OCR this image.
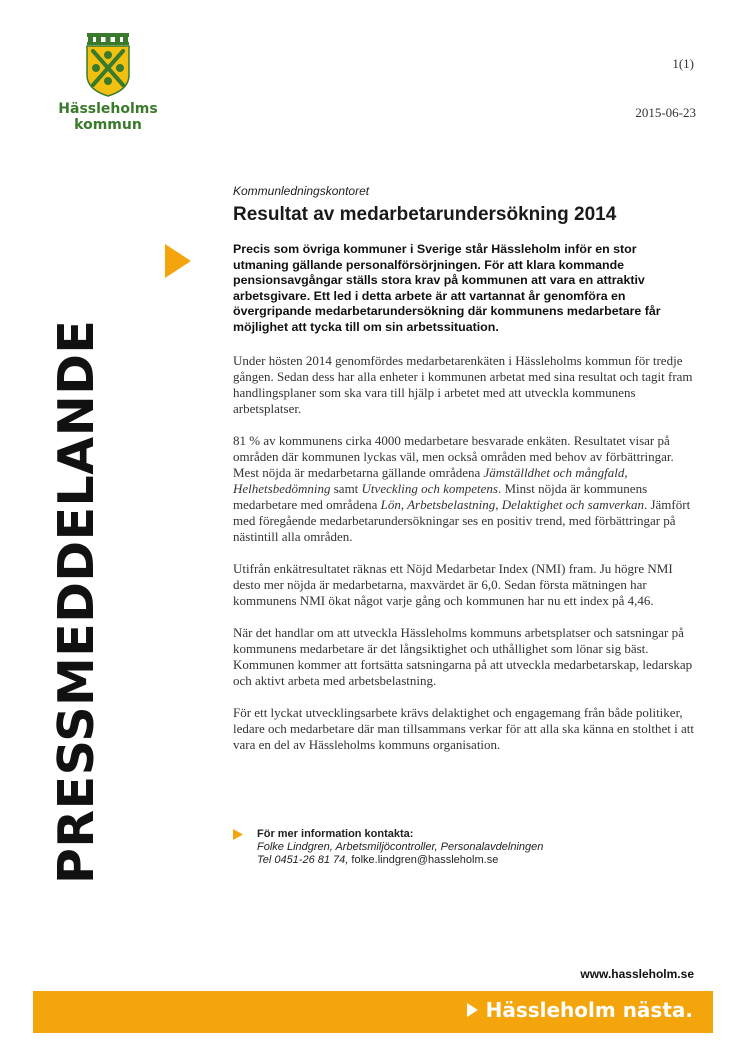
Hässleholms
kommun
1(1)
2015-06-23
PRESSMEDDELANDE
Kommunledningskontoret
Resultat av medarbetarundersökning 2014

Precis som övriga kommuner i Sverige står Hässleholm inför en stor utmaning gällande personalförsörjningen. För att klara kommande pensionsavgångar ställs stora krav på kommunen att vara en attraktiv arbetsgivare. Ett led i detta arbete är att vartannat år genomföra en övergripande medarbetarundersökning där kommunens medarbetare får möjlighet att tycka till om sin arbetssituation.

Under hösten 2014 genomfördes medarbetarenkäten i Hässleholms kommun för tredje gången. Sedan dess har alla enheter i kommunen arbetat med sina resultat och tagit fram handlingsplaner som ska vara till hjälp i arbetet med att utveckla kommunens arbetsplatser.

81 % av kommunens cirka 4000 medarbetare besvarade enkäten. Resultatet visar på områden där kommunen lyckas väl, men också områden med behov av förbättringar. Mest nöjda är medarbetarna gällande områdena Jämställdhet och mångfald, Helhetsbedömning samt Utveckling och kompetens. Minst nöjda är kommunens medarbetare med områdena Lön, Arbetsbelastning, Delaktighet och samverkan. Jämfört med föregående medarbetarundersökningar ses en positiv trend, med förbättringar på nästintill alla områden.

Utifrån enkätresultatet räknas ett Nöjd Medarbetar Index (NMI) fram. Ju högre NMI desto mer nöjda är medarbetarna, maxvärdet är 6,0. Sedan första mätningen har kommunens NMI ökat något varje gång och kommunen har nu ett index på 4,46.

När det handlar om att utveckla Hässleholms kommuns arbetsplatser och satsningar på kommunens medarbetare är det långsiktighet och uthållighet som lönar sig bäst. Kommunen kommer att fortsätta satsningarna på att utveckla medarbetarskap, ledarskap och aktivt arbeta med arbetsbelastning.

För ett lyckat utvecklingsarbete krävs delaktighet och engagemang från både politiker, ledare och medarbetare där man tillsammans verkar för att alla ska känna en stolthet i att vara en del av Hässleholms kommuns organisation.

För mer information kontakta:
Folke Lindgren, Arbetsmiljöcontroller, Personalavdelningen
Tel 0451-26 81 74, folke.lindgren@hassleholm.se
www.hassleholm.se
Hässleholm nästa.
